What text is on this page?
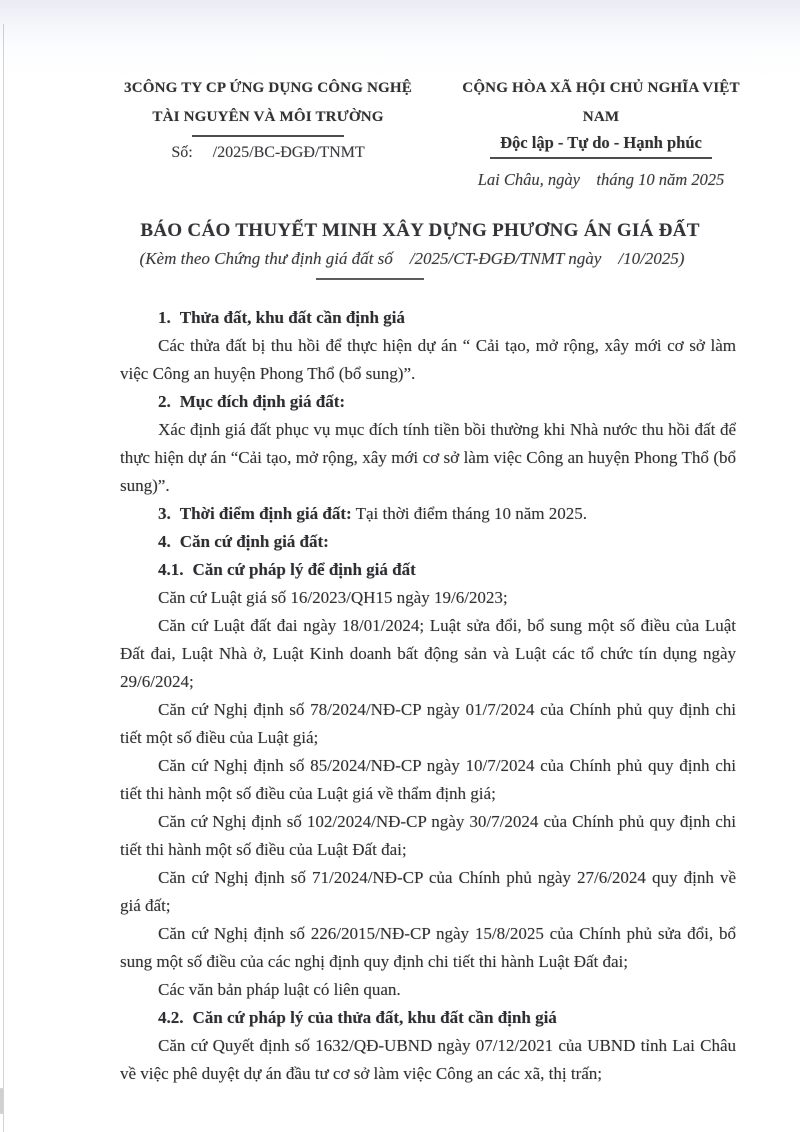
3CÔNG TY CP ỨNG DỤNG CÔNG NGHỆ
TÀI NGUYÊN VÀ MÔI TRƯỜNG
Số:     /2025/BC-ĐGĐ/TNMT
CỘNG HÒA XÃ HỘI CHỦ NGHĨA VIỆT NAM
Độc lập - Tự do - Hạnh phúc
Lai Châu, ngày    tháng 10 năm 2025
BÁO CÁO THUYẾT MINH XÂY DỰNG PHƯƠNG ÁN GIÁ ĐẤT
(Kèm theo Chứng thư định giá đất số    /2025/CT-ĐGĐ/TNMT ngày    /10/2025)

1. Thửa đất, khu đất cần định giá

Các thửa đất bị thu hồi để thực hiện dự án “ Cải tạo, mở rộng, xây mới cơ sở làm việc Công an huyện Phong Thổ (bổ sung)”.

2. Mục đích định giá đất:

Xác định giá đất phục vụ mục đích tính tiền bồi thường khi Nhà nước thu hồi đất để thực hiện dự án “Cải tạo, mở rộng, xây mới cơ sở làm việc Công an huyện Phong Thổ (bổ sung)”.

3. Thời điểm định giá đất: Tại thời điểm tháng 10 năm 2025.

4. Căn cứ định giá đất:

4.1. Căn cứ pháp lý để định giá đất

Căn cứ Luật giá số 16/2023/QH15 ngày 19/6/2023;

Căn cứ Luật đất đai ngày 18/01/2024; Luật sửa đổi, bổ sung một số điều của Luật Đất đai, Luật Nhà ở, Luật Kinh doanh bất động sản và Luật các tổ chức tín dụng ngày 29/6/2024;

Căn cứ Nghị định số 78/2024/NĐ-CP ngày 01/7/2024 của Chính phủ quy định chi tiết một số điều của Luật giá;

Căn cứ Nghị định số 85/2024/NĐ-CP ngày 10/7/2024 của Chính phủ quy định chi tiết thi hành một số điều của Luật giá về thẩm định giá;

Căn cứ Nghị định số 102/2024/NĐ-CP ngày 30/7/2024 của Chính phủ quy định chi tiết thi hành một số điều của Luật Đất đai;

Căn cứ Nghị định số 71/2024/NĐ-CP của Chính phủ ngày 27/6/2024 quy định về giá đất;

Căn cứ Nghị định số 226/2015/NĐ-CP ngày 15/8/2025 của Chính phủ sửa đổi, bổ sung một số điều của các nghị định quy định chi tiết thi hành Luật Đất đai;

Các văn bản pháp luật có liên quan.

4.2. Căn cứ pháp lý của thửa đất, khu đất cần định giá

Căn cứ Quyết định số 1632/QĐ-UBND ngày 07/12/2021 của UBND tỉnh Lai Châu về việc phê duyệt dự án đầu tư cơ sở làm việc Công an các xã, thị trấn;
